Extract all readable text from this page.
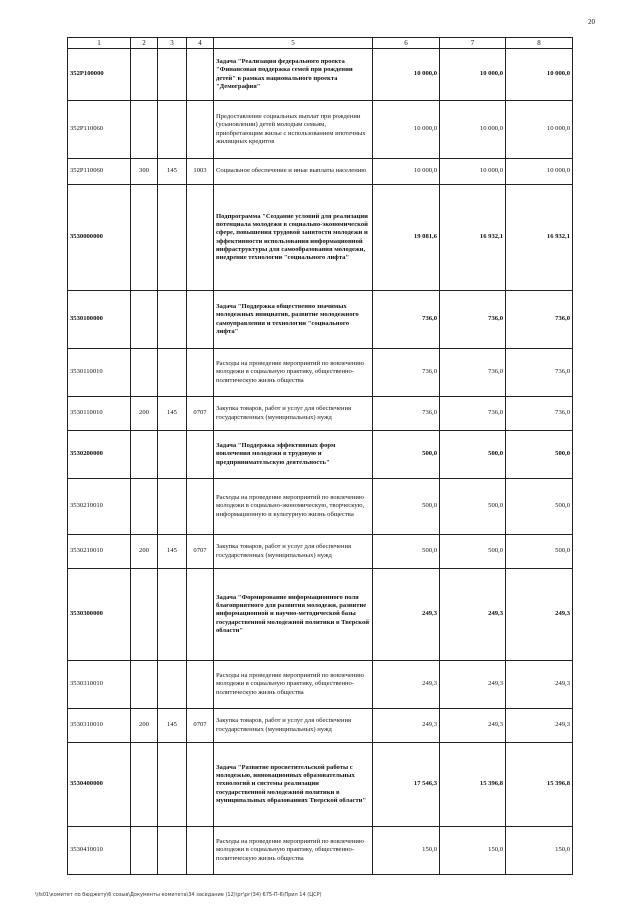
20
1	2	3	4	5	6	7	8
352P100000				Задача "Реализация федерального проекта "Финансовая поддержка семей при рождении детей" в рамках национального проекта "Демография"	10 000,0	10 000,0	10 000,0
352P110060				Предоставление социальных выплат при рождении (усыновлении) детей молодым семьям, приобретающим жилье с использованием ипотечных жилищных кредитов	10 000,0	10 000,0	10 000,0
352P110060	300	145	1003	Социальное обеспечение и иные выплаты населению	10 000,0	10 000,0	10 000,0
3530000000				Подпрограмма "Создание условий для реализации потенциала молодежи в социально-экономической сфере, повышения трудовой занятости молодежи и эффективности использования информационной инфраструктуры для самообразования молодежи, внедрение технологии "социального лифта"	19 081,6	16 932,1	16 932,1
3530100000				Задача "Поддержка общественно значимых молодежных инициатив, развитие молодежного самоуправления и технологии "социального лифта"	736,0	736,0	736,0
3530110010				Расходы на проведение мероприятий по вовлечению молодежи в социальную практику, общественно-политическую жизнь общества	736,0	736,0	736,0
3530110010	200	145	0707	Закупка товаров, работ и услуг для обеспечения государственных (муниципальных) нужд	736,0	736,0	736,0
3530200000				Задача "Поддержка эффективных форм вовлечения молодежи в трудовую и предпринимательскую деятельность"	500,0	500,0	500,0
3530210010				Расходы на проведение мероприятий по вовлечению молодежи в социально-экономическую, творческую, информационную и культурную жизнь общества	500,0	500,0	500,0
3530210010	200	145	0707	Закупка товаров, работ и услуг для обеспечения государственных (муниципальных) нужд	500,0	500,0	500,0
3530300000				Задача "Формирование информационного поля благоприятного для развития молодежи, развитие информационной и научно-методической базы государственной молодежной политики в Тверской области"	249,3	249,3	249,3
3530310010				Расходы на проведение мероприятий по вовлечению молодежи в социальную практику, общественно-политическую жизнь общества	249,3	249,3	249,3
3530310010	200	145	0707	Закупка товаров, работ и услуг для обеспечения государственных (муниципальных) нужд	249,3	249,3	249,3
3530400000				Задача "Развитие просветительской работы с молодежью, инновационных образовательных технологий и системы реализации государственной молодежной политики в муниципальных образованиях Тверской области"	17 546,3	15 396,8	15 396,8
3530410010				Расходы на проведение мероприятий по вовлечению молодежи в социальную практику, общественно-политическую жизнь общества	150,0	150,0	150,0
\\fs01\комитет по бюджету\6 созыв\Документы комитета\34 заседание (12)\рг\рг(34) 675-П-6\Прил 14 (ЦСР)
